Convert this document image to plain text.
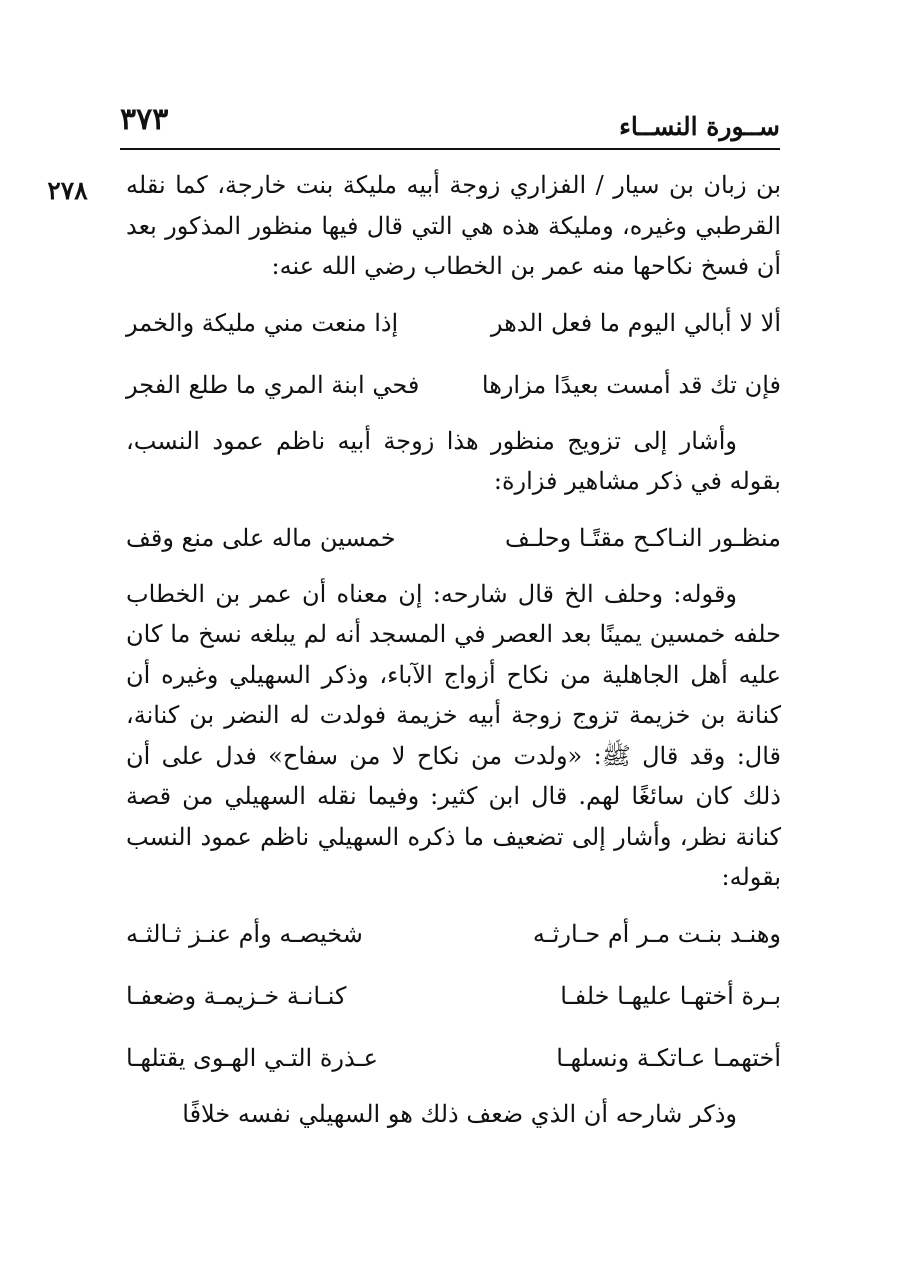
ســورة النســاء
٣٧٣
٢٧٨	بن زبان بن سيار / الفزاري زوجة أبيه مليكة بنت خارجة، كما نقله القرطبي وغيره، ومليكة هذه هي التي قال فيها منظور المذكور بعد أن فسخ نكاحها منه عمر بن الخطاب رضي الله عنه:

ألا لا أبالي اليوم ما فعل الدهر
إذا منعت مني مليكة والخمر
فإن تك قد أمست بعيدًا مزارها
فحي ابنة المري ما طلع الفجر

وأشار إلى تزويج منظور هذا زوجة أبيه ناظم عمود النسب، بقوله في ذكر مشاهير فزارة:

منظـور النـاكـح مقتًـا وحلـف
خمسين ماله على منع وقف

وقوله: وحلف الخ قال شارحه: إن معناه أن عمر بن الخطاب حلفه خمسين يمينًا بعد العصر في المسجد أنه لم يبلغه نسخ ما كان عليه أهل الجاهلية من نكاح أزواج الآباء، وذكر السهيلي وغيره أن كنانة بن خزيمة تزوج زوجة أبيه خزيمة فولدت له النضر بن كنانة، قال: وقد قال ﷺ: «ولدت من نكاح لا من سفاح» فدل على أن ذلك كان سائغًا لهم. قال ابن كثير: وفيما نقله السهيلي من قصة كنانة نظر، وأشار إلى تضعيف ما ذكره السهيلي ناظم عمود النسب بقوله:

وهنـد بنـت مـر أم حـارثـه
شخيصـه وأم عنـز ثـالثـه
بـرة أختهـا عليهـا خلفـا
كنـانـة خـزيمـة وضعفـا
أختهمـا عـاتكـة ونسلهـا
عـذرة التـي الهـوى يقتلهـا

وذكر شارحه أن الذي ضعف ذلك هو السهيلي نفسه خلافًا
